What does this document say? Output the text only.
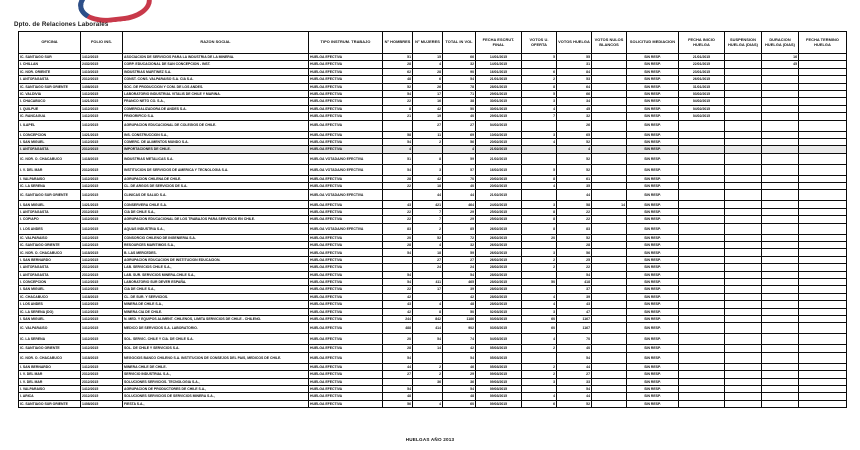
Dpto. de Relaciones Laborales
OFICINA	FOLIO INS.	RAZON SOCIAL	TIPO INSTRUM. TRABAJO	N° HOMBRES	N° MUJERES	TOTAL IN VOL	FECHA ESCRUT. FINAL	VOTOS U. OFERTA	VOTOS HUELGA	VOTOS NULOS BLANCOS	SOLICITUD MEDIACION	FECHA INICIO HUELGA	SUSPENSION HUELGA (DIAS)	DURACION HUELGA (DIAS)	FECHA TERMINO HUELGA
IC. SANTIAGO SUR	1412/2015	ASOCIACION DE SERVICIOS PARA LA INDUSTRIA DE LA MINERIA.	HUELGA EFECTIVA	51	15	66	14/01/2015	5	55		SIN RESP.	21/01/2015		16	
I. CHILLAN	2432/2015	CORP. EDUCACIONAL DE SAN CONCEPCION - INST.	HUELGA EFECTIVA	28	4	32	14/01/2015		31		SIN RESP.	22/01/2015		45	
IC. NOR. ORIENTE	1410/2015	INDUSTRIAS MARTINEZ S.A.	HUELGA EFECTIVA	62	28	90	16/01/2015	6	84		SIN RESP.	23/01/2015			
I. ANTOFAGASTA	2312/2015	CONST. CONS. VALPARAISO S.A. CIA S.A.	HUELGA EFECTIVA	48	6	54	21/01/2015	2	53		SIN RESP.	26/01/2015			
IC. SANTIAGO SUR ORIENTE	1408/2015	SOC. DE PRODUCCION Y COM. DE LOS ANDES.	HUELGA EFECTIVA	52	26	78	28/01/2015	8	64		SIN RESP.	31/01/2015			
IC. VALDIVIA	1412/2015	LABORATORIO INDUSTRIAL VITALIS DE CHILE Y MARINA.	HUELGA EFECTIVA	54	17	71	29/01/2015	5	66		SIN RESP.	03/02/2015			
I. CHACABUCO	1421/2015	FRANCO NETO CO. S.A.,	HUELGA EFECTIVA	22	16	38	30/01/2015	3	34		SIN RESP.	04/02/2015			
I. QUILPUE	1412/2015	COMERCIALIZADORA DE ANDES S.A.	HUELGA EFECTIVA	8	42	50	30/01/2015	4	45		SIN RESP.	04/02/2015			
IC. RANCAGUA	1412/2015	FRIGORIFICO S.A.	HUELGA EFECTIVA	21	19	40	29/01/2015	7	32		SIN RESP.	04/02/2015			
I. ILAPEL	1412/2015	AGRUPACION EDUCACIONAL DE COLEGIOS DE CHILE.	HUELGA EFECTIVA		27	27	04/02/2015		26		SIN RESP.				
I. CONCEPCION	1421/2015	INS. CONSTRUCCION S.A.,	HUELGA EFECTIVA	58	11	69	10/02/2015	3	65		SIN RESP.				
I. SAN MIGUEL	1412/2015	COMERC. DE ALIMENTOS MUNDO S.A.	HUELGA EFECTIVA	54	2	56	20/02/2015	4	52		SIN RESP.				
I. ANTOFAGASTA	2312/2015	IMPORTACIONES DE CHILE.	HUELGA EFECTIVA	4		4	21/02/2015		4		SIN RESP.				
IC. NOR. O. CHACABUCO	1418/2015	INDUSTRIAS METALICAS S.A.	HUELGA VOTADA/NO EFECTIVA	51	8	59	21/02/2015		52		SIN RESP.				
I. V. DEL MAR	2312/2015	INSTITUCION DE SERVICIOS DE AMERICA Y TECNOLOGIA S.A.	HUELGA VOTADA/NO EFECTIVA	54	3	57	16/02/2015	5	52		SIN RESP.				
I. VALPARAISO	1412/2015	AGRUPACION CHILENA DE CHILE.	HUELGA EFECTIVA	28	42	70	20/02/2015	8	61		SIN RESP.				
IC. LA SERENA	1412/2015	CL. DE ARGOS DE SERVICIOS DE S.A.	HUELGA EFECTIVA	22	18	40	20/02/2015	4	35		SIN RESP.				
IC. SANTIAGO SUR ORIENTE	1412/2015	CLINICAS DE SALUD S.A.	HUELGA VOTADA/NO EFECTIVA		44	44	21/02/2015		44		SIN RESP.				
I. SAN MIGUEL	1421/2015	CONSERVERA CHILE S.A.	HUELGA EFECTIVA	43	421	464	24/02/2015	3	58	14	SIN RESP.				
I. ANTOFAGASTA	2312/2015	CIA DE CHILE S.A.,	HUELGA EFECTIVA	22	7	29	25/02/2015	8	22		SIN RESP.				
I. COPIAPO	1412/2015	AGRUPACION EDUCACIONAL DE LOS TRABAJOS PARA SERVICIOS EN CHILE.	HUELGA EFECTIVA	22	7	29	25/02/2015	8	22		SIN RESP.				
I. LOS ANDES	1412/2015	AQUAS INDUSTRIA S.A.,	HUELGA VOTADA/NO EFECTIVA	83	2	85	26/02/2015	8	83		SIN RESP.				
IC. VALPARAISO	1412/2015	CONSORCIO CHILENO DE INGENIERIA S.A.	HUELGA EFECTIVA	20	52	72	26/02/2015	20	52		SIN RESP.				
IC. SANTIAGO ORIENTE	1412/2015	RESOURCES MARITIMOS S.A.,	HUELGA EFECTIVA	28	4	32	26/02/2015		28		SIN RESP.				
IC. NOR. O. CHACABUCO	1418/2015	B. LAS MERCEDES.	HUELGA EFECTIVA	54	18	59	26/02/2015	3	56		SIN RESP.				
I. SAN BERNARDO	1412/2015	AGRUPACION EDUCACION DE INSTITUCION EDUCACION.	HUELGA EFECTIVA		27	27	26/02/2015	2	25		SIN RESP.				
I. ANTOFAGASTA	2312/2015	LAB. SERVICIOS CHILE S.A.,	HUELGA EFECTIVA		24	24	28/02/2015	2	22		SIN RESP.				
I. ANTOFAGASTA	2312/2015	LAB. SUR. SERVICIOS MINERA-CHILE S.A.,	HUELGA EFECTIVA	54		54	28/02/2015		54		SIN RESP.				
I. CONCEPCION	1412/2015	LABORATORIO SUR DEVER ESPAÑA.	HUELGA EFECTIVA	54	411	465	28/02/2015	50	418		SIN RESP.				
I. SAN MIGUEL	1412/2015	CIA DE CHILE S.A.,	HUELGA EFECTIVA	22	17	39	28/02/2015		37		SIN RESP.				
IC. CHACABUCO	1418/2015	CL. DE SUR. Y SERVICIOS.	HUELGA EFECTIVA	42		42	28/02/2015	4	39		SIN RESP.				
I. LOS ANDES	1412/2015	MINERA DE CHILE S.A.,	HUELGA EFECTIVA	43	4	48	28/02/2015	4	43		SIN RESP.				
IC. LA SERENA (DO)	1412/2015	MINERA CIA DE CHILE.	HUELGA EFECTIVA	42	8	50	02/03/2015	3	47		SIN RESP.				
I. SAN MIGUEL	1412/2015	N. MED. Y EQUIPOS ALIMENT. CHILENOS, LIMITA SERVICIOS DE CHILE - CHILENO.	HUELGA EFECTIVA	244	842	1186	03/03/2015	60	1167		SIN RESP.				
IC. VALPARAISO	1412/2015	MEDICO DE SERVICIOS S.A. LABORATORIO.	HUELGA EFECTIVA	488	414	902	03/03/2015	60	1167		SIN RESP.				
IC. LA SERENA	1412/2015	SOL. SERVIC. CHILE Y CIA. DE CHILE S.A.	HUELGA EFECTIVA	20	54	74	04/03/2015	4	70		SIN RESP.				
IC. SANTIAGO ORIENTE	1412/2015	SOL. DE CHILE Y SERVICIOS S.A.	HUELGA EFECTIVA	28	14	42	05/03/2015	2	40		SIN RESP.				
IC. NOR. O. CHACABUCO	1418/2015	NEGOCIOS BANCO CHILENO S.A. INSTITUCION DE CONSEJOS DEL PAIS, MEDICOS DE CHILE.	HUELGA EFECTIVA	54		54	05/03/2015		54		SIN RESP.				
I. SAN BERNARDO	1412/2015	MINERA CHILE DE CHILE.	HUELGA EFECTIVA	44	2	46	05/03/2015	2	44		SIN RESP.				
I. V. DEL MAR	2312/2015	SERVICIO INDUSTRIAL S.A.,	HUELGA EFECTIVA	27	2	29	09/03/2015	2	27		SIN RESP.				
I. V. DEL MAR	2312/2015	SOLUCIONES SERVICIOS. TECNOLOGIA S.A.,	HUELGA EFECTIVA		36	36	09/03/2015	3	33		SIN RESP.				
I. VALPARAISO	1412/2015	AGRUPACION DE PRODUCTORES DE CHILE S.A.,	HUELGA EFECTIVA	54		54	09/03/2015		54		SIN RESP.				
I. ARICA	2312/2015	SOLUCIONES SERVICIOS DE SERVICIOS MINERA S.A.,	HUELGA EFECTIVA	48		48	09/03/2015	4	44		SIN RESP.				
IC. SANTIAGO SUR ORIENTE	1408/2015	FIESTA S.A.,	HUELGA EFECTIVA	56	4	60	09/03/2015	6	52		SIN RESP.				
HUELGAS AÑO 2013
